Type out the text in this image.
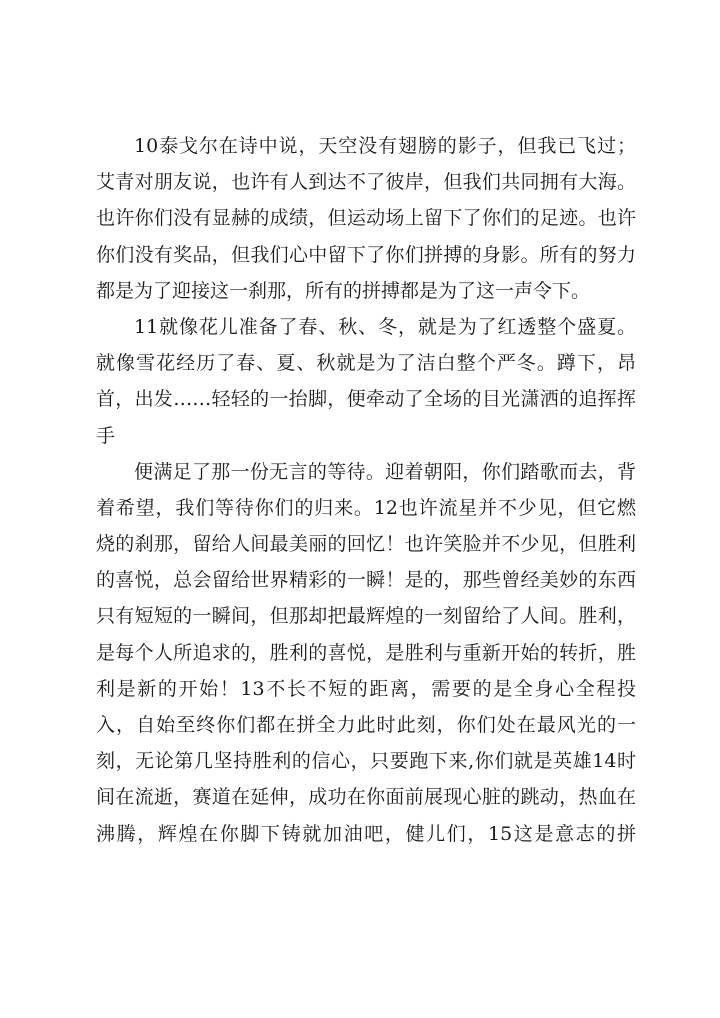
10泰戈尔在诗中说，天空没有翅膀的影子，但我已飞过；
艾青对朋友说，也许有人到达不了彼岸，但我们共同拥有大海。
也许你们没有显赫的成绩，但运动场上留下了你们的足迹。也许
你们没有奖品，但我们心中留下了你们拼搏的身影。所有的努力
都是为了迎接这一刹那，所有的拼搏都是为了这一声令下。
11就像花儿准备了春、秋、冬，就是为了红透整个盛夏。
就像雪花经历了春、夏、秋就是为了洁白整个严冬。蹲下，昂
首，出发……轻轻的一抬脚，便牵动了全场的目光潇洒的追挥挥
手
便满足了那一份无言的等待。迎着朝阳，你们踏歌而去，背
着希望，我们等待你们的归来。12也许流星并不少见，但它燃
烧的刹那，留给人间最美丽的回忆！也许笑脸并不少见，但胜利
的喜悦，总会留给世界精彩的一瞬！是的，那些曾经美妙的东西
只有短短的一瞬间，但那却把最辉煌的一刻留给了人间。胜利，
是每个人所追求的，胜利的喜悦，是胜利与重新开始的转折，胜
利是新的开始！13不长不短的距离，需要的是全身心全程投
入，自始至终你们都在拼全力此时此刻，你们处在最风光的一
刻，无论第几坚持胜利的信心，只要跑下来,你们就是英雄14时
间在流逝，赛道在延伸，成功在你面前展现心脏的跳动，热血在
沸腾，辉煌在你脚下铸就加油吧，健儿们，15这是意志的拼
